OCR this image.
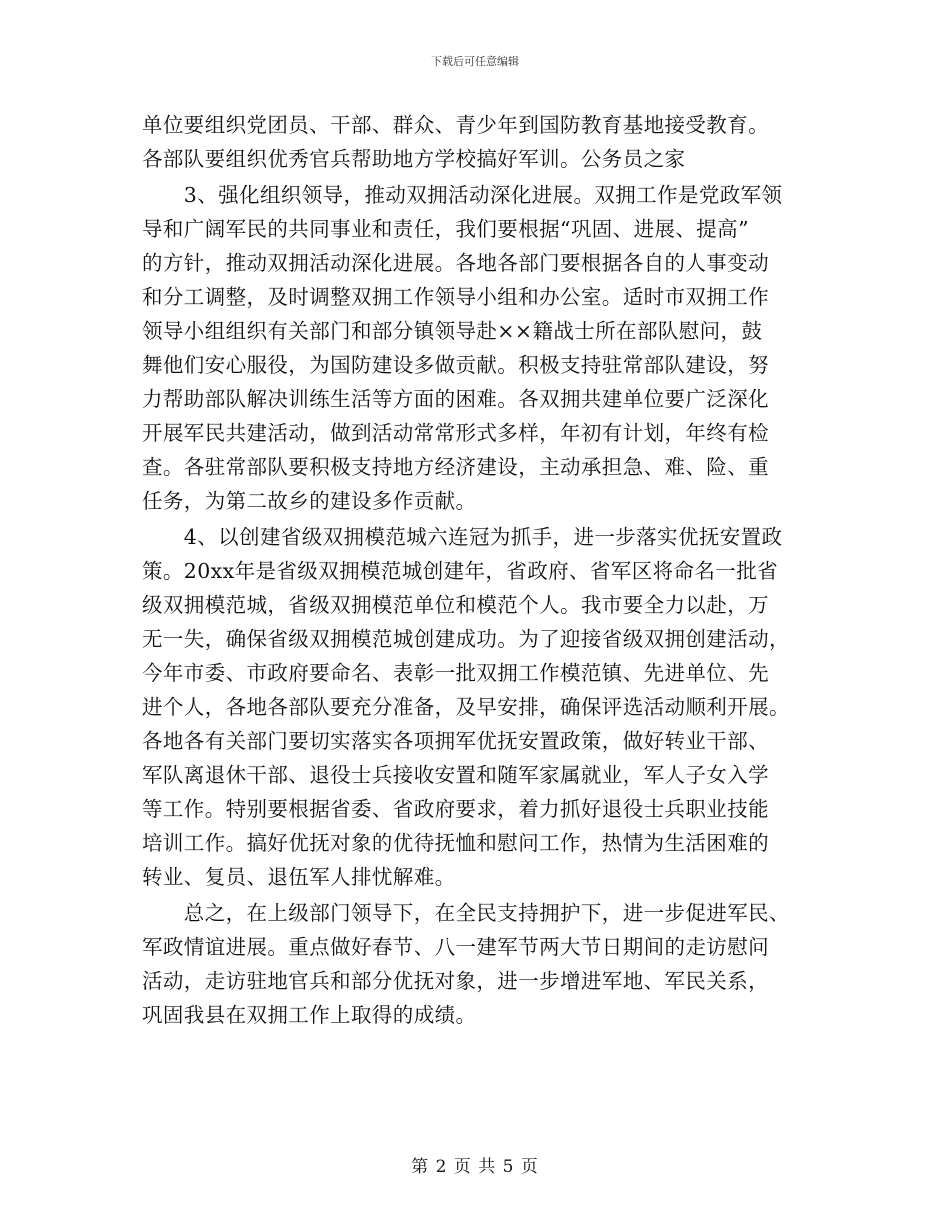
下载后可任意编辑
单位要组织党团员、干部、群众、青少年到国防教育基地接受教育。
各部队要组织优秀官兵帮助地方学校搞好军训。公务员之家
　　3、强化组织领导，推动双拥活动深化进展。双拥工作是党政军领
导和广阔军民的共同事业和责任，我们要根据“巩固、进展、提高”
的方针，推动双拥活动深化进展。各地各部门要根据各自的人事变动
和分工调整，及时调整双拥工作领导小组和办公室。适时市双拥工作
领导小组组织有关部门和部分镇领导赴××籍战士所在部队慰问，鼓
舞他们安心服役，为国防建设多做贡献。积极支持驻常部队建设，努
力帮助部队解决训练生活等方面的困难。各双拥共建单位要广泛深化
开展军民共建活动，做到活动常常形式多样，年初有计划，年终有检
查。各驻常部队要积极支持地方经济建设，主动承担急、难、险、重
任务，为第二故乡的建设多作贡献。
　　4、以创建省级双拥模范城六连冠为抓手，进一步落实优抚安置政
策。20xx年是省级双拥模范城创建年，省政府、省军区将命名一批省
级双拥模范城，省级双拥模范单位和模范个人。我市要全力以赴，万
无一失，确保省级双拥模范城创建成功。为了迎接省级双拥创建活动，
今年市委、市政府要命名、表彰一批双拥工作模范镇、先进单位、先
进个人，各地各部队要充分准备，及早安排，确保评选活动顺利开展。
各地各有关部门要切实落实各项拥军优抚安置政策，做好转业干部、
军队离退休干部、退役士兵接收安置和随军家属就业，军人子女入学
等工作。特别要根据省委、省政府要求，着力抓好退役士兵职业技能
培训工作。搞好优抚对象的优待抚恤和慰问工作，热情为生活困难的
转业、复员、退伍军人排忧解难。
　　总之，在上级部门领导下，在全民支持拥护下，进一步促进军民、
军政情谊进展。重点做好春节、八一建军节两大节日期间的走访慰问
活动，走访驻地官兵和部分优抚对象，进一步增进军地、军民关系，
巩固我县在双拥工作上取得的成绩。
第 2 页 共 5 页
